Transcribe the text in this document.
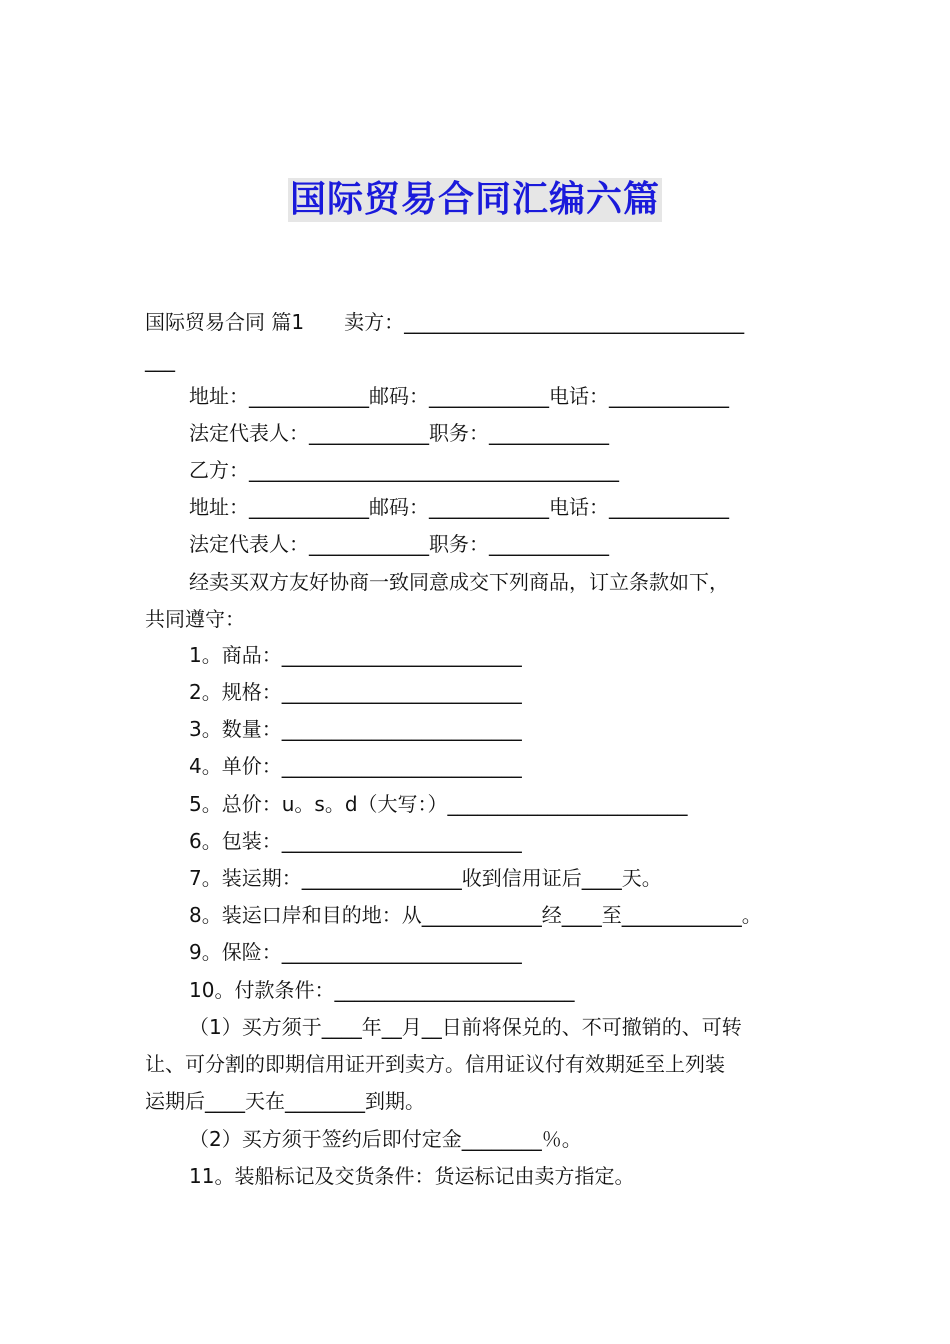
国际贸易合同汇编六篇
国际贸易合同 篇1　　卖方：__________________________________
___
地址：____________邮码：____________电话：____________
法定代表人：____________职务：____________
乙方：_____________________________________
地址：____________邮码：____________电话：____________
法定代表人：____________职务：____________
经卖买双方友好协商一致同意成交下列商品，订立条款如下，
共同遵守：
1。商品：________________________
2。规格：________________________
3。数量：________________________
4。单价：________________________
5。总价：u。s。d（大写：）________________________
6。包装：________________________
7。装运期：________________收到信用证后____天。
8。装运口岸和目的地：从____________经____至____________。
9。保险：________________________
10。付款条件：________________________
（1）买方须于____年__月__日前将保兑的、不可撤销的、可转
让、可分割的即期信用证开到卖方。信用证议付有效期延至上列装
运期后____天在________到期。
（2）买方须于签约后即付定金________％。
11。装船标记及交货条件：货运标记由卖方指定。
